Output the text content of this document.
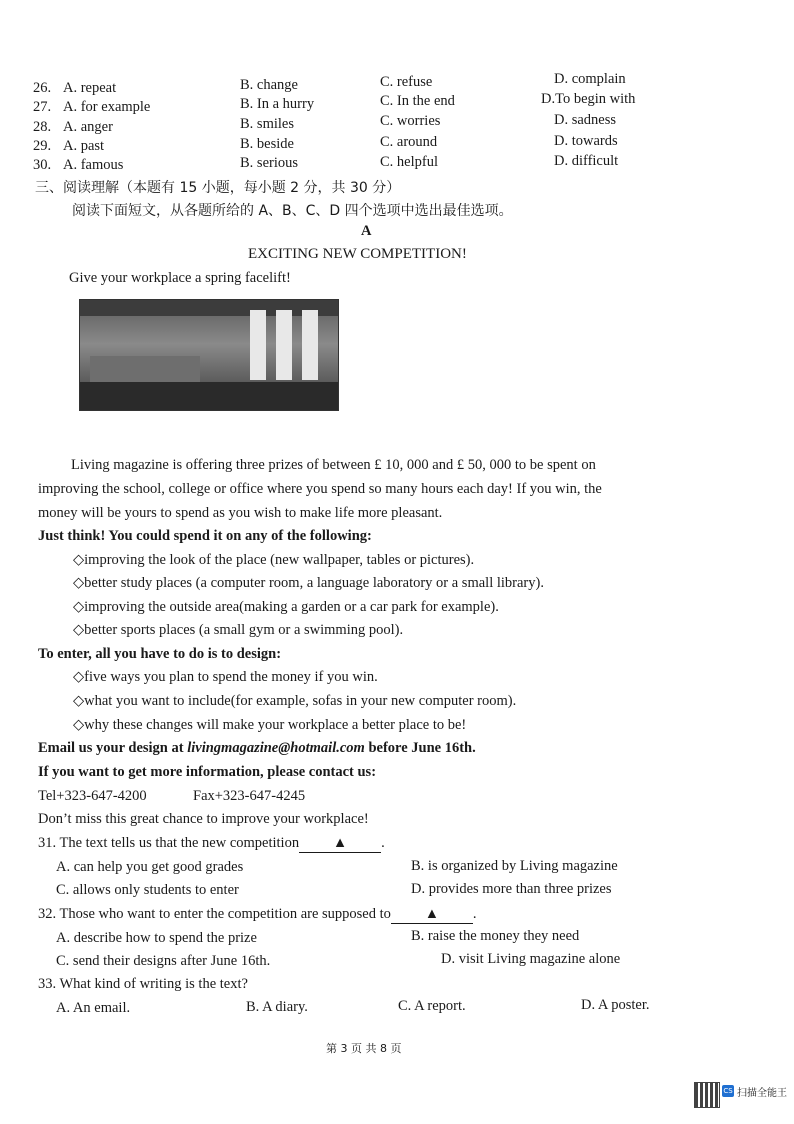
26. A. repeat	B. change	C. refuse	D. complain
27. A. for example	B. In a hurry	C. In the end	D.To begin with
28. A. anger	B. smiles	C. worries	D. sadness
29. A. past	B. beside	C. around	D. towards
30. A. famous	B. serious	C. helpful	D. difficult
三、阅读理解（本题有 15 小题，每小题 2 分，共 30 分）
阅读下面短文，从各题所给的 A、B、C、D 四个选项中选出最佳选项。
A
EXCITING NEW COMPETITION!
Give your workplace a spring facelift!
Living magazine is offering three prizes of between £ 10, 000 and £ 50, 000 to be spent on
improving the school, college or office where you spend so many hours each day! If you win, the
money will be yours to spend as you wish to make life more pleasant.
Just think! You could spend it on any of the following:
◇improving the look of the place (new wallpaper, tables or pictures).
◇better study places (a computer room, a language laboratory or a small library).
◇improving the outside area(making a garden or a car park for example).
◇better sports places (a small gym or a swimming pool).
To enter, all you have to do is to design:
◇five ways you plan to spend the money if you win.
◇what you want to include(for example, sofas in your new computer room).
◇why these changes will make your workplace a better place to be!
Email us your design at livingmagazine@hotmail.com before June 16th.
If you want to get more information, please contact us:
Tel+323-647-4200	Fax+323-647-4245
Don’t miss this great chance to improve your workplace!
31. The text tells us that the new competition ▲ .
A. can help you get good grades	B. is organized by Living magazine
C. allows only students to enter	D. provides more than three prizes
32. Those who want to enter the competition are supposed to ▲ .
A. describe how to spend the prize	B. raise the money they need
C. send their designs after June 16th.	D. visit Living magazine alone
33. What kind of writing is the text?
A. An email.	B. A diary.	C. A report.	D. A poster.
第 3 页 共 8 页
CS 扫描全能王
